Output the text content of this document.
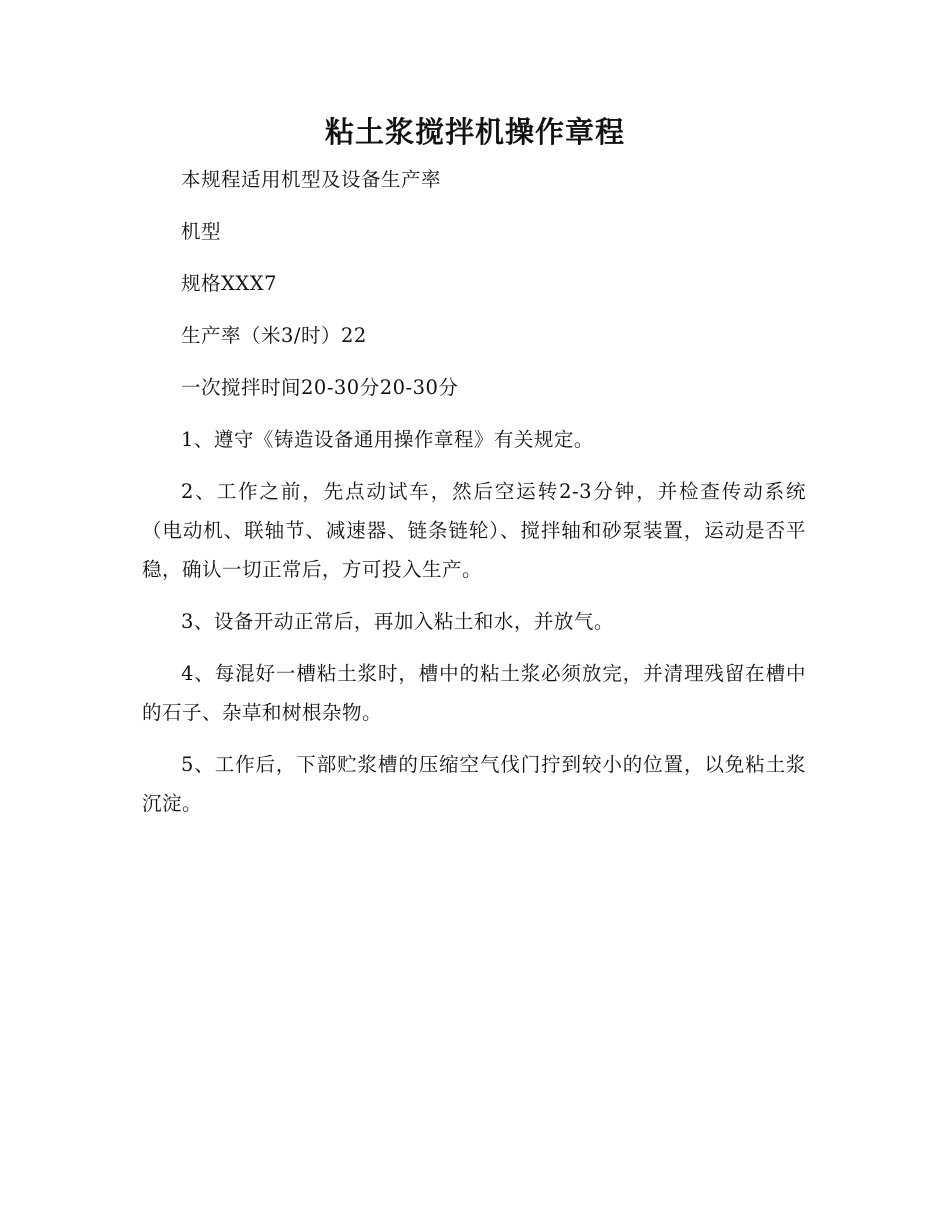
粘土浆搅拌机操作章程

本规程适用机型及设备生产率

机型

规格XXX7

生产率（米3/时）22

一次搅拌时间20-30分20-30分

1、遵守《铸造设备通用操作章程》有关规定。

2、工作之前，先点动试车，然后空运转2-3分钟，并检查传动系统（电动机、联轴节、减速器、链条链轮）、搅拌轴和砂泵装置，运动是否平稳，确认一切正常后，方可投入生产。

3、设备开动正常后，再加入粘土和水，并放气。

4、每混好一槽粘土浆时，槽中的粘土浆必须放完，并清理残留在槽中的石子、杂草和树根杂物。

5、工作后，下部贮浆槽的压缩空气伐门拧到较小的位置，以免粘土浆沉淀。
